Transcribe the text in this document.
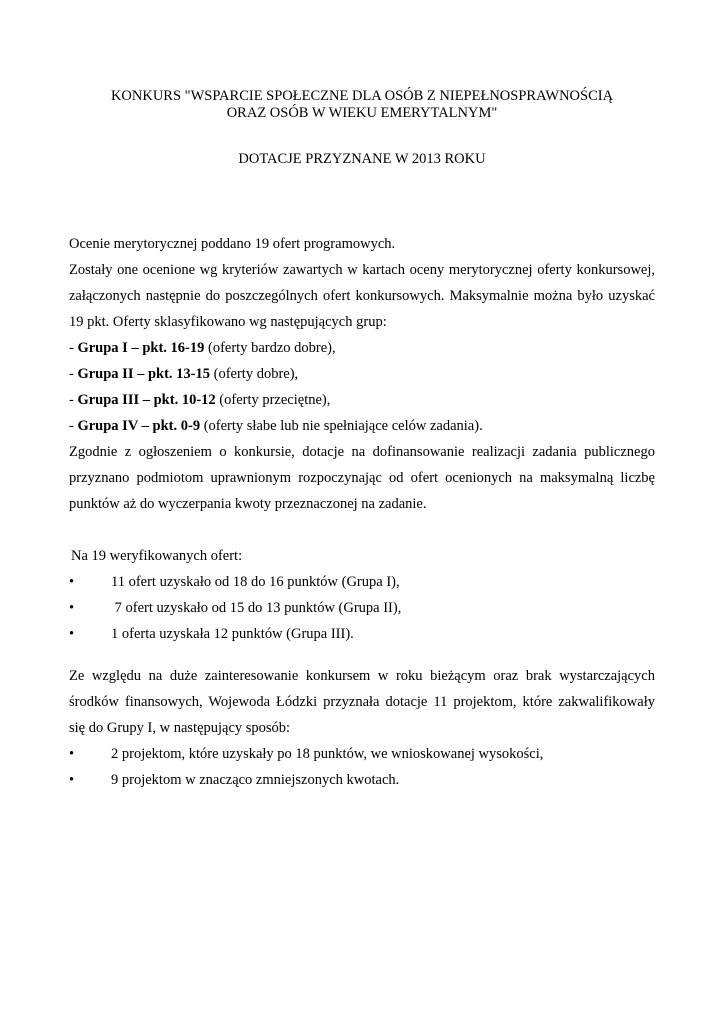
KONKURS "WSPARCIE SPOŁECZNE DLA OSÓB Z NIEPEŁNOSPRAWNOŚCIĄ
ORAZ OSÓB W WIEKU EMERYTALNYM"
DOTACJE PRZYZNANE W 2013 ROKU
Ocenie merytorycznej poddano 19 ofert programowych.
Zostały one ocenione wg kryteriów zawartych w kartach oceny merytorycznej oferty konkursowej,
załączonych następnie do poszczególnych ofert konkursowych. Maksymalnie można było uzyskać
19 pkt. Oferty sklasyfikowano wg następujących grup:
- Grupa I – pkt. 16-19 (oferty bardzo dobre),
- Grupa II – pkt. 13-15 (oferty dobre),
- Grupa III – pkt. 10-12 (oferty przeciętne),
- Grupa IV – pkt. 0-9 (oferty słabe lub nie spełniające celów zadania).
Zgodnie z ogłoszeniem o konkursie, dotacje na dofinansowanie realizacji zadania publicznego
przyznano podmiotom uprawnionym rozpoczynając od ofert ocenionych na maksymalną liczbę
punktów aż do wyczerpania kwoty przeznaczonej na zadanie.
Na 19 weryfikowanych ofert:
•	11 ofert uzyskało od 18 do 16 punktów (Grupa I),
•	7 ofert uzyskało od 15 do 13 punktów (Grupa II),
•	1 oferta uzyskała 12 punktów (Grupa III).
Ze względu na duże zainteresowanie konkursem w roku bieżącym oraz brak wystarczających
środków finansowych, Wojewoda Łódzki przyznała dotacje 11 projektom, które zakwalifikowały
się do Grupy I, w następujący sposób:
•	2 projektom, które uzyskały po 18 punktów, we wnioskowanej wysokości,
•	9 projektom w znacząco zmniejszonych kwotach.
